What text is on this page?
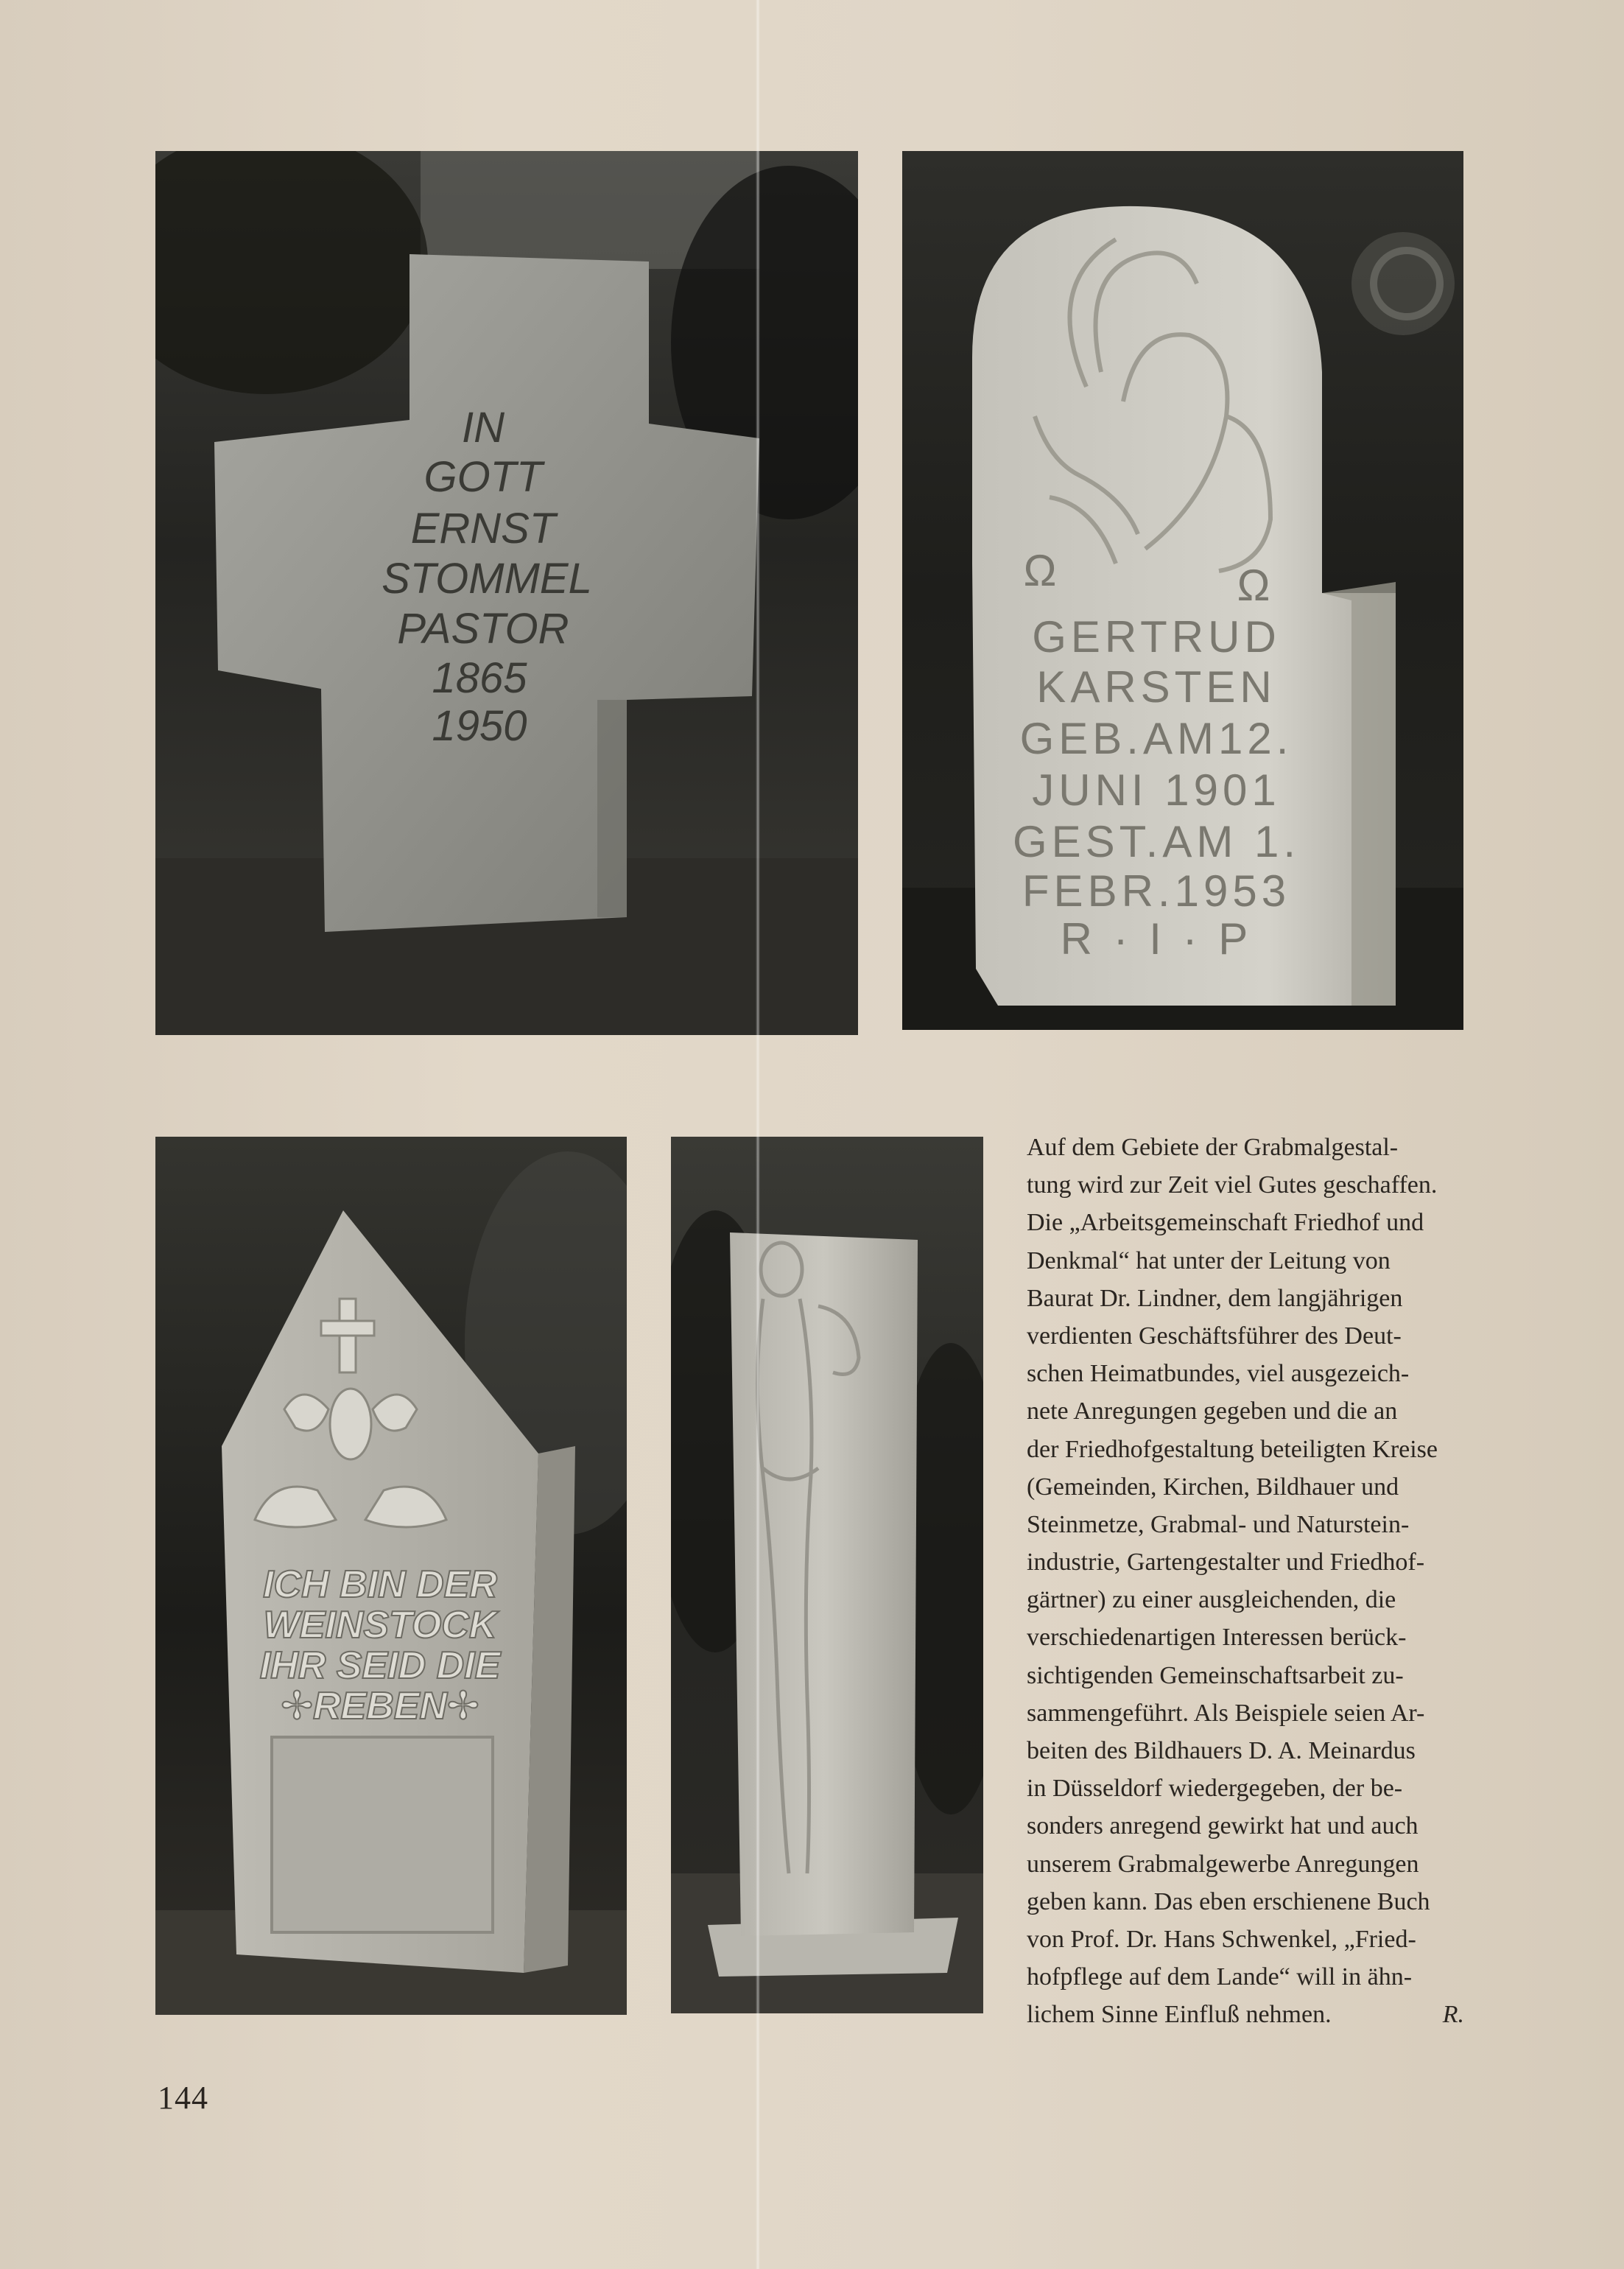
IN
GOTT
ERNST
STOMMEL
PASTOR
1865
1950
Ω	Ω
GERTRUD
KARSTEN
GEB.AM12.
JUNI 1901
GEST.AM 1.
FEBR.1953
R · I · P
ICH BIN DER
WEINSTOCK
IHR SEID DIE
✢REBEN✢
Auf dem Gebiete der Grabmalgestal-
tung wird zur Zeit viel Gutes geschaffen.
Die „Arbeitsgemeinschaft Friedhof und
Denkmal“ hat unter der Leitung von
Baurat Dr. Lindner, dem langjährigen
verdienten Geschäftsführer des Deut-
schen Heimatbundes, viel ausgezeich-
nete Anregungen gegeben und die an
der Friedhofgestaltung beteiligten Kreise
(Gemeinden, Kirchen, Bildhauer und
Steinmetze, Grabmal- und Naturstein-
industrie, Gartengestalter und Friedhof-
gärtner) zu einer ausgleichenden, die
verschiedenartigen Interessen berück-
sichtigenden Gemeinschaftsarbeit zu-
sammengeführt. Als Beispiele seien Ar-
beiten des Bildhauers D. A. Meinardus
in Düsseldorf wiedergegeben, der be-
sonders anregend gewirkt hat und auch
unserem Grabmalgewerbe Anregungen
geben kann. Das eben erschienene Buch
von Prof. Dr. Hans Schwenkel, „Fried-
hofpflege auf dem Lande“ will in ähn-
lichem Sinne Einfluß nehmen.	R.
144
